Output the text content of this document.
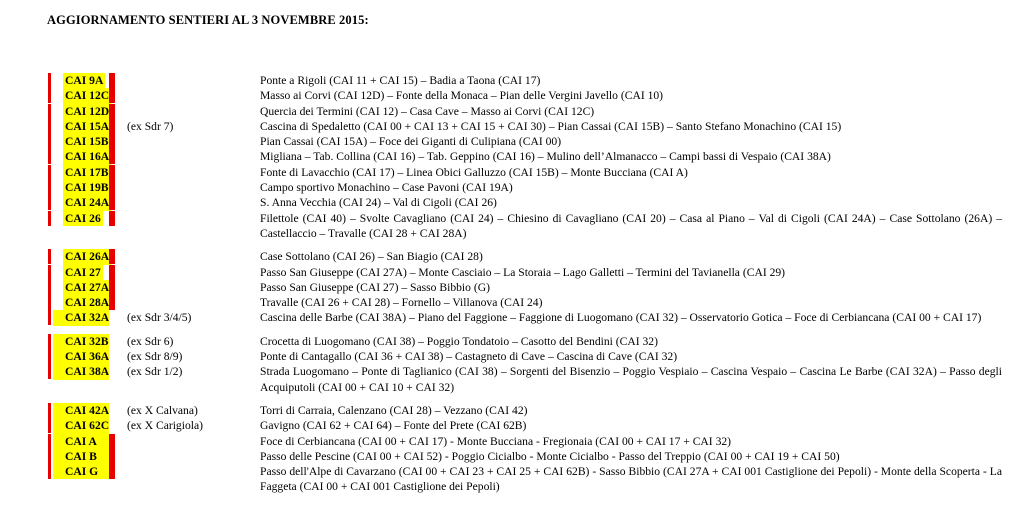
AGGIORNAMENTO SENTIERI AL 3 NOVEMBRE 2015:
CAI 9A	Ponte a Rigoli (CAI 11 + CAI 15) – Badia a Taona (CAI 17)
CAI 12C	Masso ai Corvi (CAI 12D) – Fonte della Monaca – Pian delle Vergini Javello (CAI 10)
CAI 12D	Quercia dei Termini (CAI 12) – Casa Cave – Masso ai Corvi (CAI 12C)
CAI 15A	(ex Sdr 7)	Cascina di Spedaletto (CAI 00 + CAI 13 + CAI 15 + CAI 30) – Pian Cassai (CAI 15B) – Santo Stefano Monachino (CAI 15)
CAI 15B	Pian Cassai (CAI 15A) – Foce dei Giganti di Culipiana (CAI 00)
CAI 16A	Migliana – Tab. Collina (CAI 16) – Tab. Geppino (CAI 16) – Mulino dell’Almanacco – Campi bassi di Vespaio (CAI 38A)
CAI 17B	Fonte di Lavacchio (CAI 17) – Linea Obici Galluzzo (CAI 15B) – Monte Bucciana (CAI A)
CAI 19B	Campo sportivo Monachino – Case Pavoni (CAI 19A)
CAI 24A	S. Anna Vecchia (CAI 24) – Val di Cigoli (CAI 26)
CAI 26	Filettole (CAI 40) – Svolte Cavagliano (CAI 24) – Chiesino di Cavagliano (CAI 20) – Casa al Piano – Val di Cigoli (CAI 24A) – Case Sottolano (26A) – Castellaccio – Travalle (CAI 28 + CAI 28A)
CAI 26A	Case Sottolano (CAI 26) – San Biagio (CAI 28)
CAI 27	Passo San Giuseppe (CAI 27A) – Monte Casciaio – La Storaia – Lago Galletti – Termini del Tavianella (CAI 29)
CAI 27A	Passo San Giuseppe (CAI 27) – Sasso Bibbio (G)
CAI 28A	Travalle (CAI 26 + CAI 28) – Fornello – Villanova (CAI 24)
CAI 32A	(ex Sdr 3/4/5)	Cascina delle Barbe (CAI 38A) – Piano del Faggione – Faggione di Luogomano (CAI 32) – Osservatorio Gotica – Foce di Cerbiancana (CAI 00 + CAI 17)
CAI 32B	(ex Sdr 6)	Crocetta di Luogomano (CAI 38) – Poggio Tondatoio – Casotto del Bendini (CAI 32)
CAI 36A	(ex Sdr 8/9)	Ponte di Cantagallo (CAI 36 + CAI 38) – Castagneto di Cave – Cascina di Cave (CAI 32)
CAI 38A	(ex Sdr 1/2)	Strada Luogomano – Ponte di Taglianico (CAI 38) – Sorgenti del Bisenzio – Poggio Vespiaio – Cascina Vespaio – Cascina Le Barbe (CAI 32A) – Passo degli Acquiputoli (CAI 00 + CAI 10 + CAI 32)
CAI 42A	(ex X Calvana)	Torri di Carraia, Calenzano (CAI 28) – Vezzano (CAI 42)
CAI 62C	(ex X Carigiola)	Gavigno (CAI 62 + CAI 64) – Fonte del Prete (CAI 62B)
CAI A	Foce di Cerbiancana (CAI 00 + CAI 17) - Monte Bucciana - Fregionaia (CAI 00 + CAI 17 + CAI 32)
CAI B	Passo delle Pescine (CAI 00 + CAI 52) - Poggio Cicialbo - Monte Cicialbo - Passo del Treppio (CAI 00 + CAI 19 + CAI 50)
CAI G	Passo dell'Alpe di Cavarzano (CAI 00 + CAI 23 + CAI 25 + CAI 62B) - Sasso Bibbio (CAI 27A + CAI 001 Castiglione dei Pepoli) - Monte della Scoperta - La Faggeta (CAI 00 + CAI 001 Castiglione dei Pepoli)
